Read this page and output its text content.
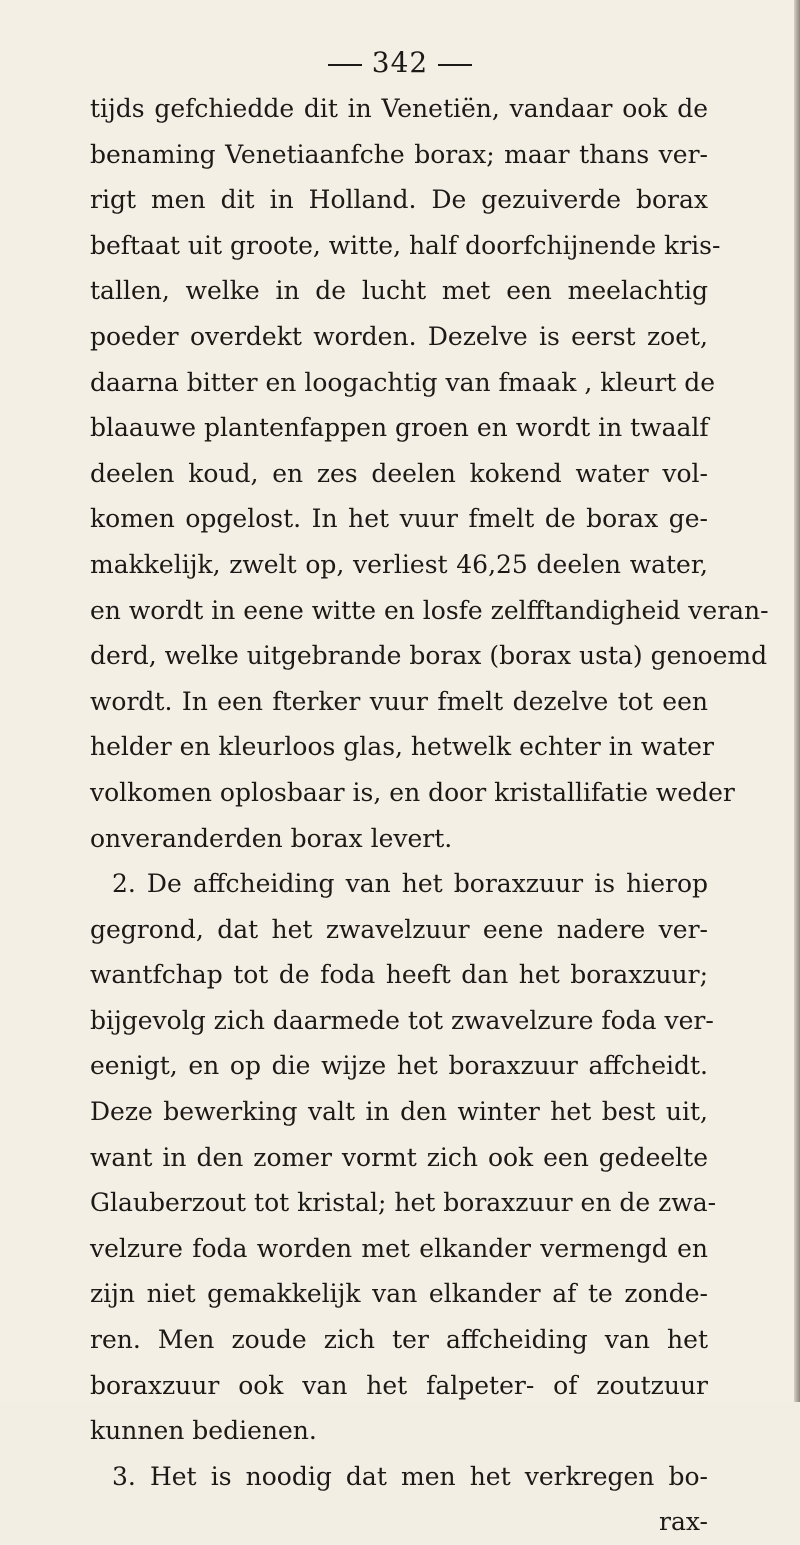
342
tijds gefchiedde dit in Venetiën, vandaar ook de
benaming Venetiaanfche borax; maar thans ver-
rigt men dit in Holland. De gezuiverde borax
beftaat uit groote, witte, half doorfchijnende kris-
tallen, welke in de lucht met een meelachtig
poeder overdekt worden. Dezelve is eerst zoet,
daarna bitter en loogachtig van fmaak , kleurt de
blaauwe plantenfappen groen en wordt in twaalf
deelen koud, en zes deelen kokend water vol-
komen opgelost. In het vuur fmelt de borax ge-
makkelijk, zwelt op, verliest 46,25 deelen water,
en wordt in eene witte en losfe zelfftandigheid veran-
derd, welke uitgebrande borax (borax usta) genoemd
wordt. In een fterker vuur fmelt dezelve tot een
helder en kleurloos glas, hetwelk echter in water
volkomen oplosbaar is, en door kristallifatie weder
onveranderden borax levert.
2. De affcheiding van het boraxzuur is hierop
gegrond, dat het zwavelzuur eene nadere ver-
wantfchap tot de foda heeft dan het boraxzuur;
bijgevolg zich daarmede tot zwavelzure foda ver-
eenigt, en op die wijze het boraxzuur affcheidt.
Deze bewerking valt in den winter het best uit,
want in den zomer vormt zich ook een gedeelte
Glauberzout tot kristal; het boraxzuur en de zwa-
velzure foda worden met elkander vermengd en
zijn niet gemakkelijk van elkander af te zonde-
ren. Men zoude zich ter affcheiding van het
boraxzuur ook van het falpeter- of zoutzuur
kunnen bedienen.
3. Het is noodig dat men het verkregen bo-
rax-
